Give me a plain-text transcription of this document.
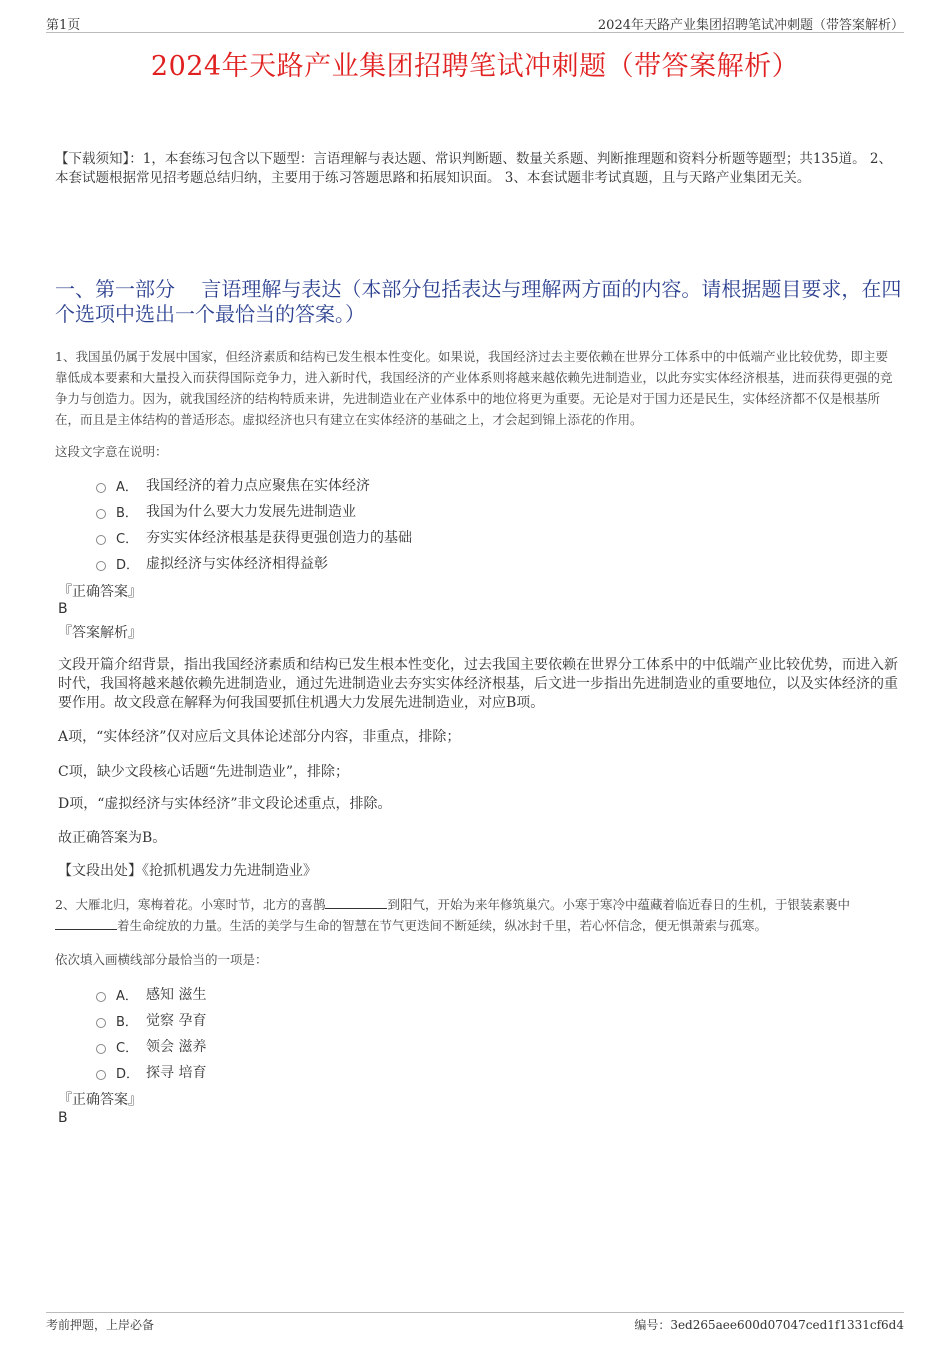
第1页	2024年天路产业集团招聘笔试冲刺题（带答案解析）
2024年天路产业集团招聘笔试冲刺题（带答案解析）
【下载须知】：1，本套练习包含以下题型：言语理解与表达题、常识判断题、数量关系题、判断推理题和资料分析题等题型；共135道。 2、本套试题根据常见招考题总结归纳，主要用于练习答题思路和拓展知识面。 3、本套试题非考试真题，且与天路产业集团无关。
一、第一部分　 言语理解与表达（本部分包括表达与理解两方面的内容。请根据题目要求，在四个选项中选出一个最恰当的答案。）
1、我国虽仍属于发展中国家，但经济素质和结构已发生根本性变化。如果说，我国经济过去主要依赖在世界分工体系中的中低端产业比较优势，即主要靠低成本要素和大量投入而获得国际竞争力，进入新时代，我国经济的产业体系则将越来越依赖先进制造业，以此夯实实体经济根基，进而获得更强的竞争力与创造力。因为，就我国经济的结构特质来讲，先进制造业在产业体系中的地位将更为重要。无论是对于国力还是民生，实体经济都不仅是根基所在，而且是主体结构的普适形态。虚拟经济也只有建立在实体经济的基础之上，才会起到锦上添花的作用。
这段文字意在说明：
A． 我国经济的着力点应聚焦在实体经济
B． 我国为什么要大力发展先进制造业
C． 夯实实体经济根基是获得更强创造力的基础
D． 虚拟经济与实体经济相得益彰
『正确答案』
B
『答案解析』
文段开篇介绍背景，指出我国经济素质和结构已发生根本性变化，过去我国主要依赖在世界分工体系中的中低端产业比较优势，而进入新时代，我国将越来越依赖先进制造业，通过先进制造业去夯实实体经济根基，后文进一步指出先进制造业的重要地位，以及实体经济的重要作用。故文段意在解释为何我国要抓住机遇大力发展先进制造业，对应B项。
A项，“实体经济”仅对应后文具体论述部分内容，非重点，排除；
C项，缺少文段核心话题“先进制造业”，排除；
D项，“虚拟经济与实体经济”非文段论述重点，排除。
故正确答案为B。
【文段出处】《抢抓机遇发力先进制造业》
2、大雁北归，寒梅着花。小寒时节，北方的喜鹊	到阳气，开始为来年修筑巢穴。小寒于寒冷中蕴藏着临近春日的生机，于银装素裹中着生命绽放的力量。生活的美学与生命的智慧在节气更迭间不断延续，纵冰封千里，若心怀信念，便无惧萧索与孤寒。
依次填入画横线部分最恰当的一项是：
A． 感知 滋生
B． 觉察 孕育
C． 领会 滋养
D． 探寻 培育
『正确答案』
B
考前押题，上岸必备	编号：3ed265aee600d07047ced1f1331cf6d4
